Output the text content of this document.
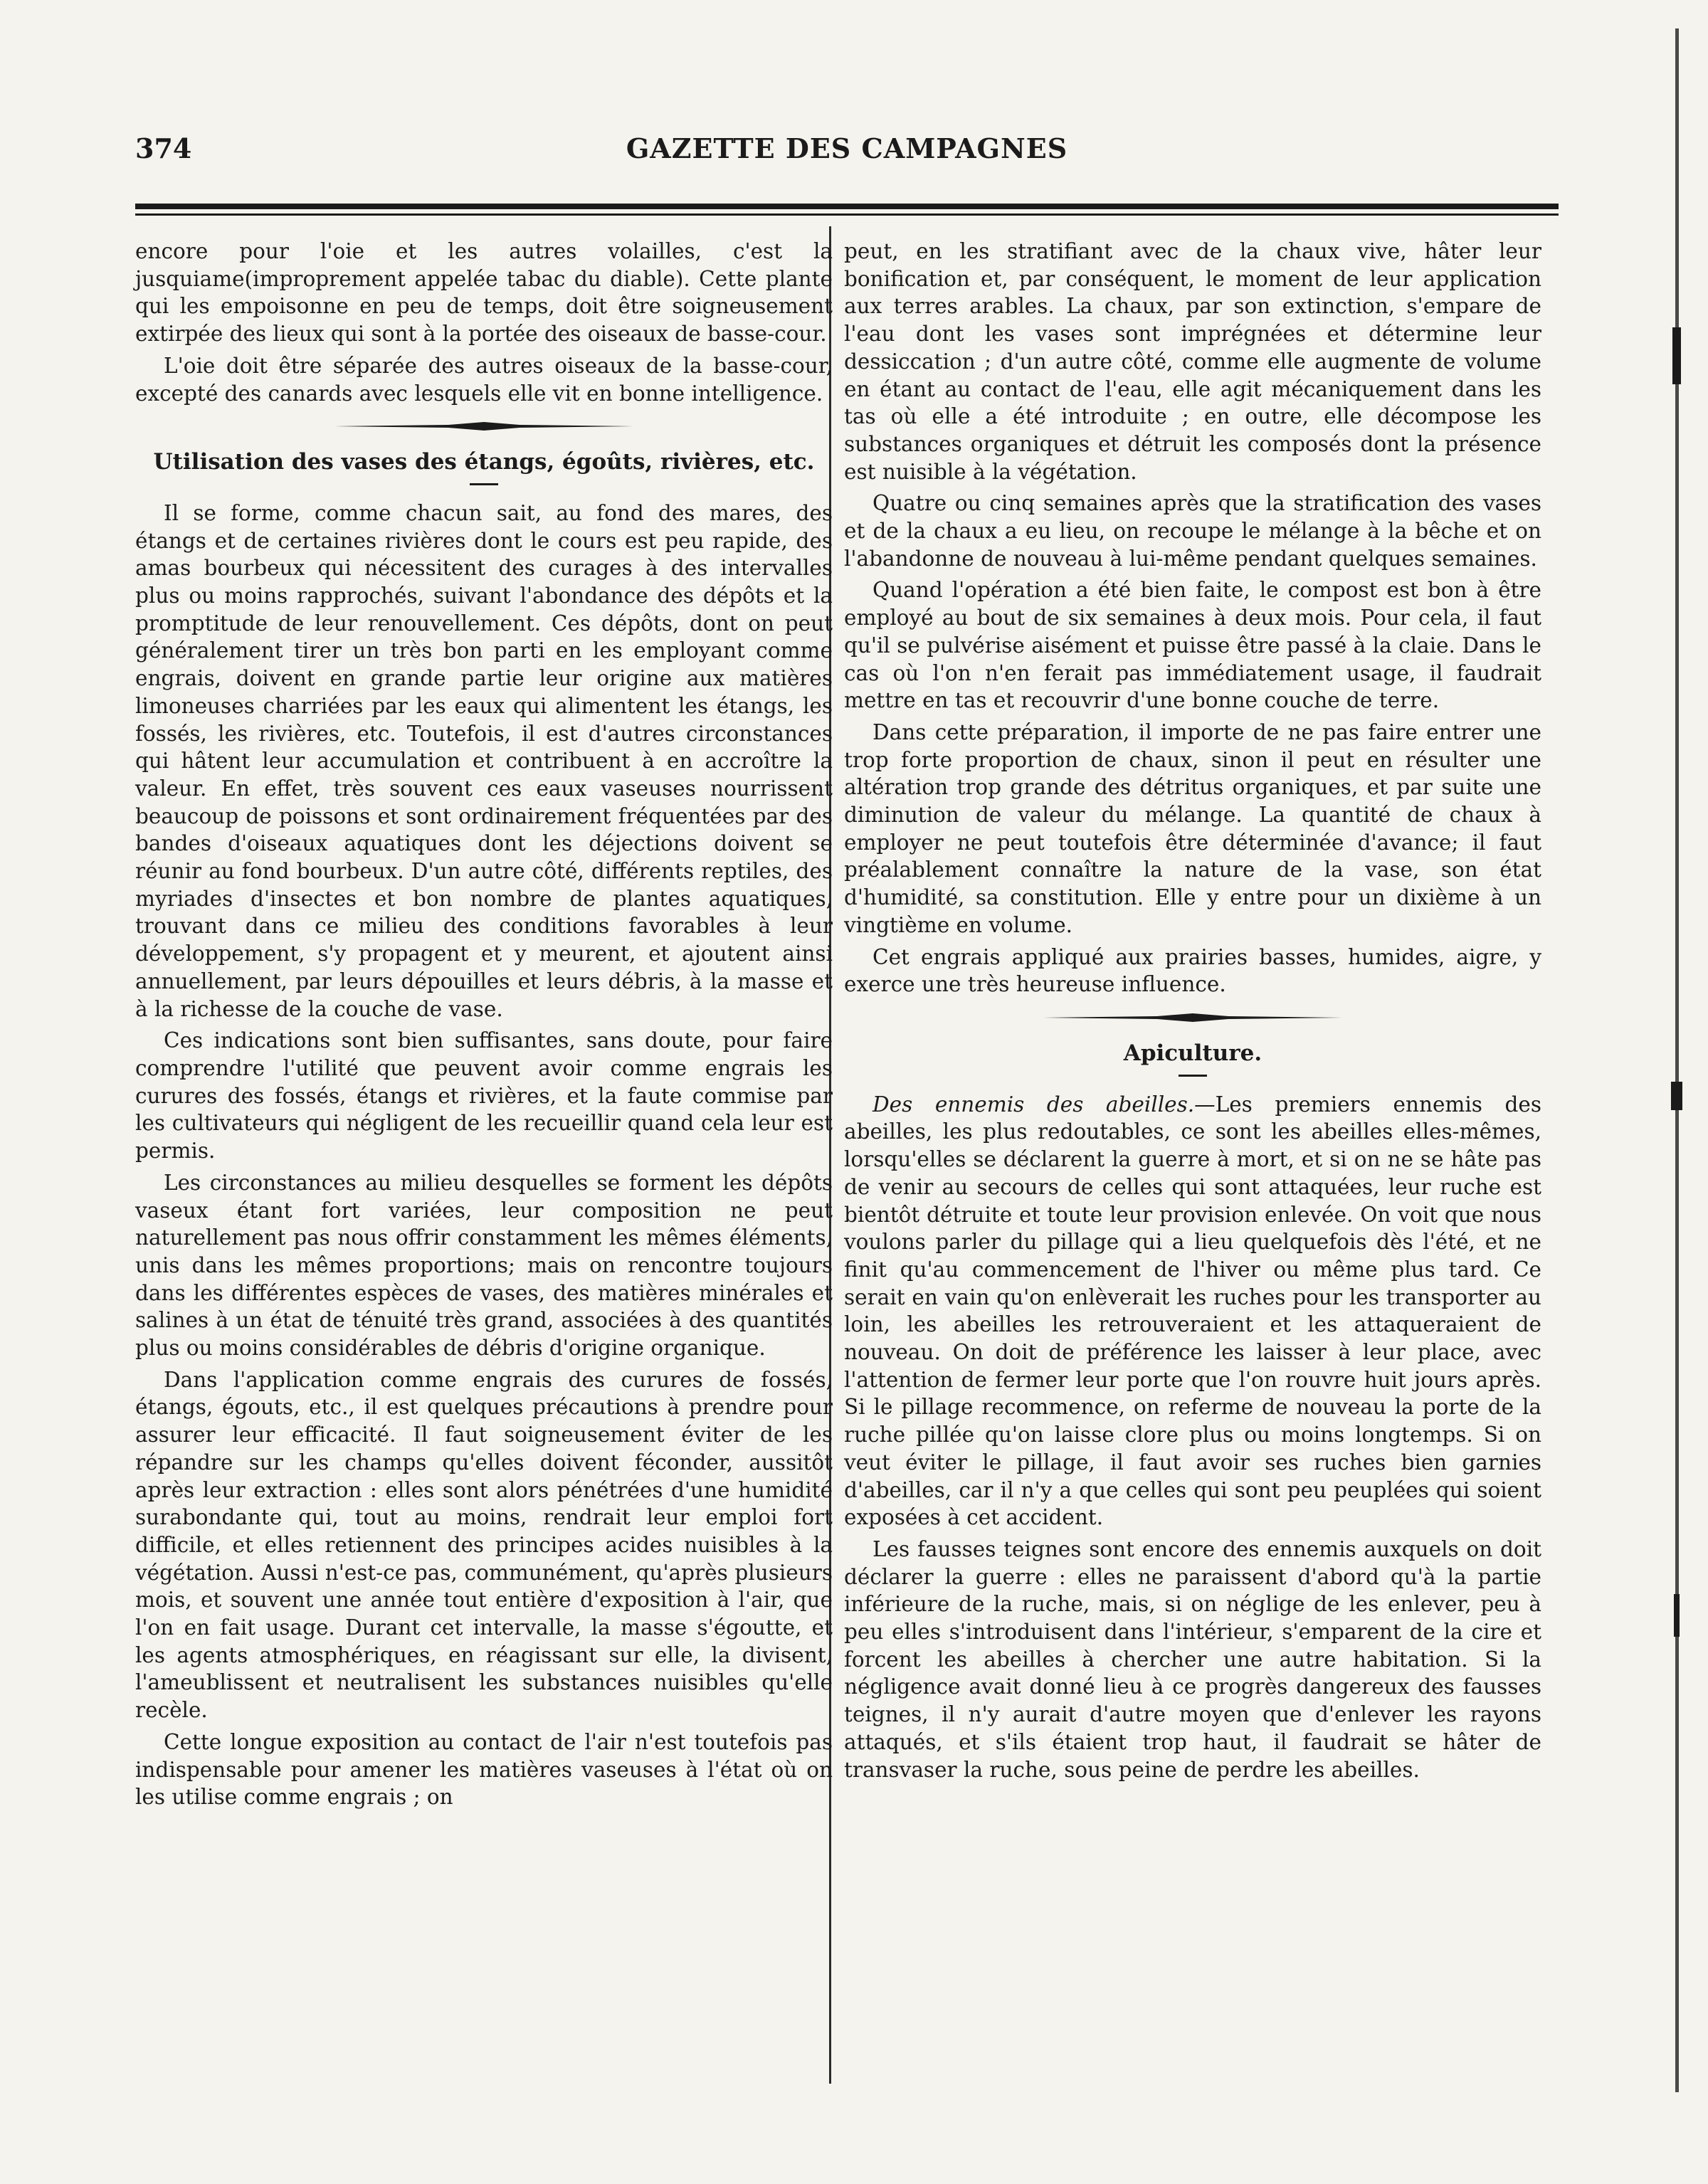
374	GAZETTE DES CAMPAGNES

encore pour l'oie et les autres volailles, c'est la jusquiame(improprement appelée tabac du diable). Cette plante qui les empoisonne en peu de temps, doit être soigneusement extirpée des lieux qui sont à la portée des oiseaux de basse-cour.

L'oie doit être séparée des autres oiseaux de la basse-cour, excepté des canards avec lesquels elle vit en bonne intelligence.

Utilisation des vases des étangs, égoûts, rivières, etc.

Il se forme, comme chacun sait, au fond des mares, des étangs et de certaines rivières dont le cours est peu rapide, des amas bourbeux qui nécessitent des curages à des intervalles plus ou moins rapprochés, suivant l'abondance des dépôts et la promptitude de leur renouvellement. Ces dépôts, dont on peut généralement tirer un très bon parti en les employant comme engrais, doivent en grande partie leur origine aux matières limoneuses charriées par les eaux qui alimentent les étangs, les fossés, les rivières, etc. Toutefois, il est d'autres circonstances qui hâtent leur accumulation et contribuent à en accroître la valeur. En effet, très souvent ces eaux vaseuses nourrissent beaucoup de poissons et sont ordinairement fréquentées par des bandes d'oiseaux aquatiques dont les déjections doivent se réunir au fond bourbeux. D'un autre côté, différents reptiles, des myriades d'insectes et bon nombre de plantes aquatiques, trouvant dans ce milieu des conditions favorables à leur développement, s'y propagent et y meurent, et ajoutent ainsi annuellement, par leurs dépouilles et leurs débris, à la masse et à la richesse de la couche de vase.

Ces indications sont bien suffisantes, sans doute, pour faire comprendre l'utilité que peuvent avoir comme engrais les curures des fossés, étangs et rivières, et la faute commise par les cultivateurs qui négligent de les recueillir quand cela leur est permis.

Les circonstances au milieu desquelles se forment les dépôts vaseux étant fort variées, leur composition ne peut naturellement pas nous offrir constamment les mêmes éléments, unis dans les mêmes proportions; mais on rencontre toujours dans les différentes espèces de vases, des matières minérales et salines à un état de ténuité très grand, associées à des quantités plus ou moins considérables de débris d'origine organique.

Dans l'application comme engrais des curures de fossés, étangs, égouts, etc., il est quelques précautions à prendre pour assurer leur efficacité. Il faut soigneusement éviter de les répandre sur les champs qu'elles doivent féconder, aussitôt après leur extraction : elles sont alors pénétrées d'une humidité surabondante qui, tout au moins, rendrait leur emploi fort difficile, et elles retiennent des principes acides nuisibles à la végétation. Aussi n'est-ce pas, communément, qu'après plusieurs mois, et souvent une année tout entière d'exposition à l'air, que l'on en fait usage. Durant cet intervalle, la masse s'égoutte, et les agents atmosphériques, en réagissant sur elle, la divisent, l'ameublissent et neutralisent les substances nuisibles qu'elle recèle.

Cette longue exposition au contact de l'air n'est toutefois pas indispensable pour amener les matières vaseuses à l'état où on les utilise comme engrais ; on

peut, en les stratifiant avec de la chaux vive, hâter leur bonification et, par conséquent, le moment de leur application aux terres arables. La chaux, par son extinction, s'empare de l'eau dont les vases sont imprégnées et détermine leur dessiccation ; d'un autre côté, comme elle augmente de volume en étant au contact de l'eau, elle agit mécaniquement dans les tas où elle a été introduite ; en outre, elle décompose les substances organiques et détruit les composés dont la présence est nuisible à la végétation.

Quatre ou cinq semaines après que la stratification des vases et de la chaux a eu lieu, on recoupe le mélange à la bêche et on l'abandonne de nouveau à lui-même pendant quelques semaines.

Quand l'opération a été bien faite, le compost est bon à être employé au bout de six semaines à deux mois. Pour cela, il faut qu'il se pulvérise aisément et puisse être passé à la claie. Dans le cas où l'on n'en ferait pas immédiatement usage, il faudrait mettre en tas et recouvrir d'une bonne couche de terre.

Dans cette préparation, il importe de ne pas faire entrer une trop forte proportion de chaux, sinon il peut en résulter une altération trop grande des détritus organiques, et par suite une diminution de valeur du mélange. La quantité de chaux à employer ne peut toutefois être déterminée d'avance; il faut préalablement connaître la nature de la vase, son état d'humidité, sa constitution. Elle y entre pour un dixième à un vingtième en volume.

Cet engrais appliqué aux prairies basses, humides, aigre, y exerce une très heureuse influence.

Apiculture.

Des ennemis des abeilles.—Les premiers ennemis des abeilles, les plus redoutables, ce sont les abeilles elles-mêmes, lorsqu'elles se déclarent la guerre à mort, et si on ne se hâte pas de venir au secours de celles qui sont attaquées, leur ruche est bientôt détruite et toute leur provision enlevée. On voit que nous voulons parler du pillage qui a lieu quelquefois dès l'été, et ne finit qu'au commencement de l'hiver ou même plus tard. Ce serait en vain qu'on enlèverait les ruches pour les transporter au loin, les abeilles les retrouveraient et les attaqueraient de nouveau. On doit de préférence les laisser à leur place, avec l'attention de fermer leur porte que l'on rouvre huit jours après. Si le pillage recommence, on referme de nouveau la porte de la ruche pillée qu'on laisse clore plus ou moins longtemps. Si on veut éviter le pillage, il faut avoir ses ruches bien garnies d'abeilles, car il n'y a que celles qui sont peu peuplées qui soient exposées à cet accident.

Les fausses teignes sont encore des ennemis auxquels on doit déclarer la guerre : elles ne paraissent d'abord qu'à la partie inférieure de la ruche, mais, si on néglige de les enlever, peu à peu elles s'introduisent dans l'intérieur, s'emparent de la cire et forcent les abeilles à chercher une autre habitation. Si la négligence avait donné lieu à ce progrès dangereux des fausses teignes, il n'y aurait d'autre moyen que d'enlever les rayons attaqués, et s'ils étaient trop haut, il faudrait se hâter de transvaser la ruche, sous peine de perdre les abeilles.
